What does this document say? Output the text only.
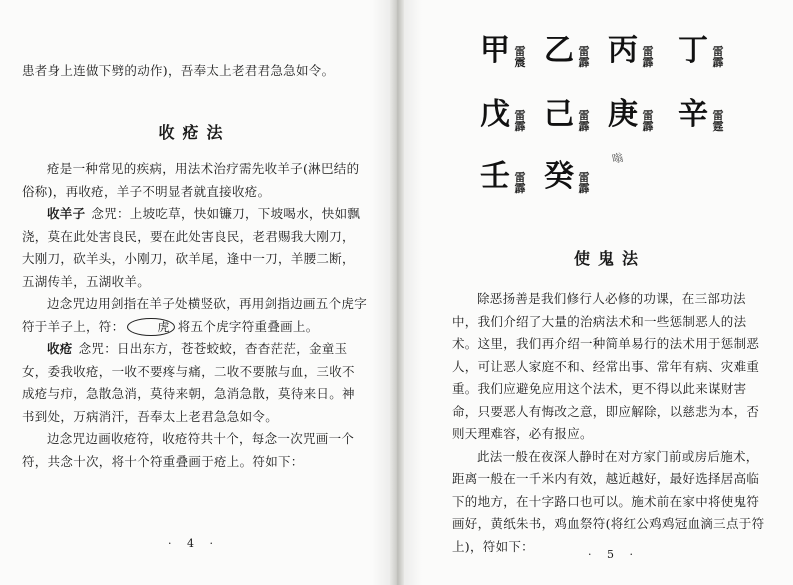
患者身上连做下劈的动作)，吾奉太上老君君急急如令。

收疮法

疮是一种常见的疾病，用法术治疗需先收羊子(淋巴结的俗称)，再收疮，羊子不明显者就直接收疮。

收羊子 念咒：上坡吃草，快如镰刀，下坡喝水，快如飘浇，莫在此处害良民，要在此处害良民，老君赐我大刚刀，大刚刀，砍羊头，小刚刀，砍羊尾，逢中一刀，羊腰二断，五湖传羊，五湖收羊。

边念咒边用剑指在羊子处横竖砍，再用剑指边画五个虎字符于羊子上，符：	虎 将五个虎字符重叠画上。

收疮 念咒：日出东方，苍苍蛟蛟，杳杳茫茫，金童玉女，委我收疮，一收不要疼与痛，二收不要脓与血，三收不成疮与疖，急散急消，莫待来朝，急消急散，莫待来日。神书到处，万病消汗，吾奉太上老君急急如令。

边念咒边画收疮符，收疮符共十个，每念一次咒画一个符，共念十次，将十个符重叠画于疮上。符如下：

· 4 ·
甲 雷
震 乙 雷
霹 丙 雷
霹 丁 雷
霹
戊 雷
霹 己 雷
霹 庚 雷
霹 辛 雷
霆
壬 雷
霹 癸 雷
霹
嗡
使鬼法

除恶扬善是我们修行人必修的功课，在三部功法中，我们介绍了大量的治病法术和一些惩制恶人的法术。这里，我们再介绍一种简单易行的法术用于惩制恶人，可让恶人家庭不和、经常出事、常年有病、灾难重重。我们应避免应用这个法术，更不得以此来谋财害命，只要恶人有悔改之意，即应解除，以慈悲为本，否则天理难容，必有报应。

此法一般在夜深人静时在对方家门前或房后施术，距离一般在一千米内有效，越近越好，最好选择居高临下的地方，在十字路口也可以。施术前在家中将使鬼符画好，黄纸朱书，鸡血祭符(将红公鸡鸡冠血滴三点于符上)，符如下：

· 5 ·
